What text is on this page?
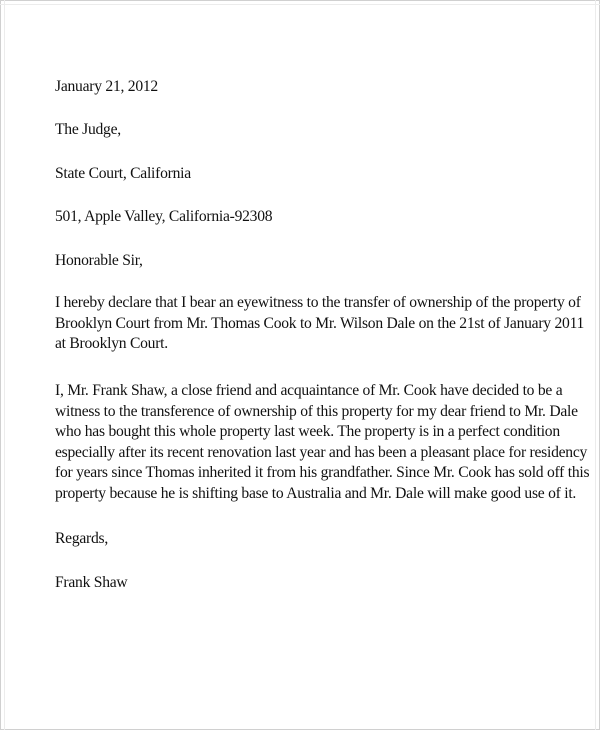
January 21, 2012
The Judge,
State Court, California
501, Apple Valley, California-92308
Honorable Sir,
I hereby declare that I bear an eyewitness to the transfer of ownership of the property of
Brooklyn Court from Mr. Thomas Cook to Mr. Wilson Dale on the 21st of January 2011
at Brooklyn Court.
I, Mr. Frank Shaw, a close friend and acquaintance of Mr. Cook have decided to be a
witness to the transference of ownership of this property for my dear friend to Mr. Dale
who has bought this whole property last week. The property is in a perfect condition
especially after its recent renovation last year and has been a pleasant place for residency
for years since Thomas inherited it from his grandfather. Since Mr. Cook has sold off this
property because he is shifting base to Australia and Mr. Dale will make good use of it.
Regards,
Frank Shaw
